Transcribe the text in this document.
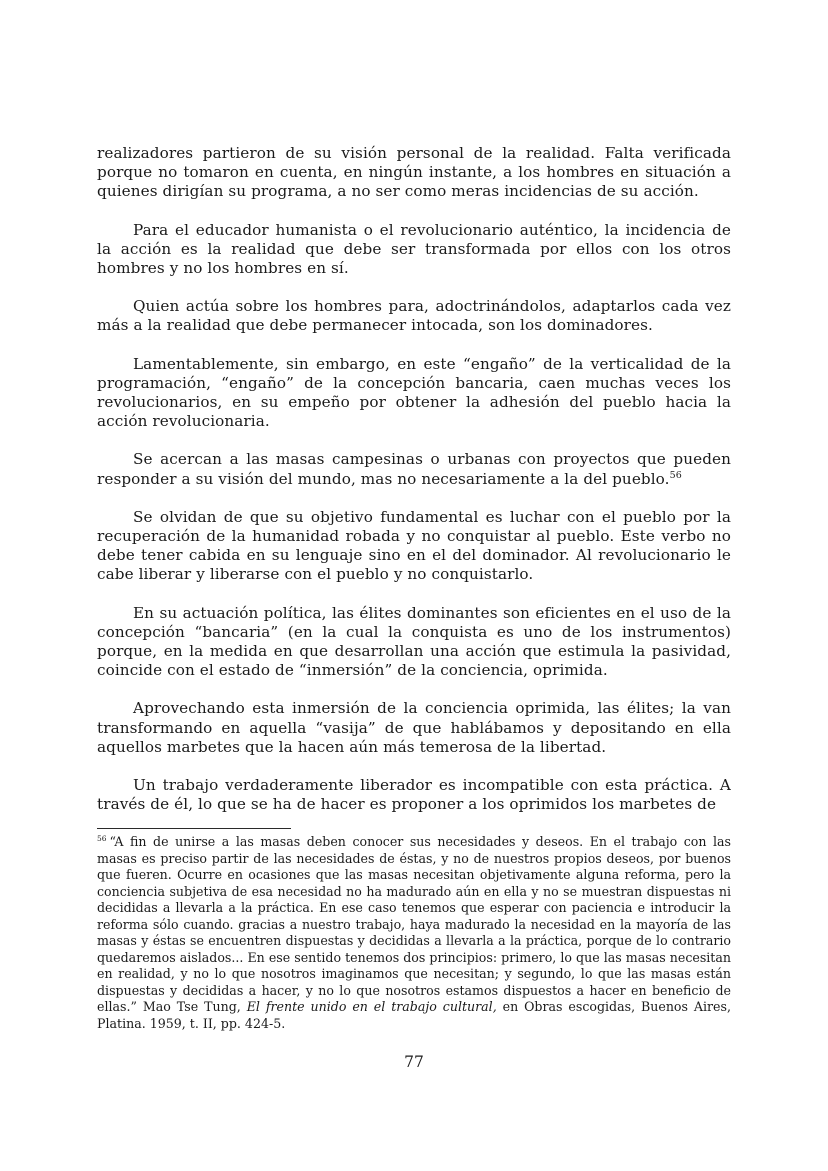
realizadores partieron de su visión personal de la realidad. Falta verificada porque no tomaron en cuenta, en ningún instante, a los hombres en situación a quienes dirigían su programa, a no ser como meras incidencias de su acción.

Para el educador humanista o el revolucionario auténtico, la incidencia de la acción es la realidad que debe ser transformada por ellos con los otros hombres y no los hombres en sí.

Quien actúa sobre los hombres para, adoctrinándolos, adaptarlos cada vez más a la realidad que debe permanecer intocada, son los dominadores.

Lamentablemente, sin embargo, en este “engaño” de la verticalidad de la programación, “engaño” de la concepción bancaria, caen muchas veces los revolucionarios, en su empeño por obtener la adhesión del pueblo hacia la acción revolucionaria.

Se acercan a las masas campesinas o urbanas con proyectos que pueden responder a su visión del mundo, mas no necesariamente a la del pueblo.$^{56}$

Se olvidan de que su objetivo fundamental es luchar con el pueblo por la recuperación de la humanidad robada y no conquistar al pueblo. Este verbo no debe tener cabida en su lenguaje sino en el del dominador. Al revolucionario le cabe liberar y liberarse con el pueblo y no conquistarlo.

En su actuación política, las élites dominantes son eficientes en el uso de la concepción “bancaria” (en la cual la conquista es uno de los instrumentos) porque, en la medida en que desarrollan una acción que estimula la pasividad, coincide con el estado de “inmersión” de la conciencia, oprimida.

Aprovechando esta inmersión de la conciencia oprimida, las élites; la van transformando en aquella “vasija” de que hablábamos y depositando en ella aquellos marbetes que la hacen aún más temerosa de la libertad.

Un trabajo verdaderamente liberador es incompatible con esta práctica. A través de él, lo que se ha de hacer es proponer a los oprimidos los marbetes de

$^{56}$ “A fin de unirse a las masas deben conocer sus necesidades y deseos. En el trabajo con las masas es preciso partir de las necesidades de éstas, y no de nuestros propios deseos, por buenos que fueren. Ocurre en ocasiones que las masas necesitan objetivamente alguna reforma, pero la conciencia subjetiva de esa necesidad no ha madurado aún en ella y no se muestran dispuestas ni decididas a llevarla a la práctica. En ese caso tenemos que esperar con paciencia e introducir la reforma sólo cuando. gracias a nuestro trabajo, haya madurado la necesidad en la mayoría de las masas y éstas se encuentren dispuestas y decididas a llevarla a la práctica, porque de lo contrario quedaremos aislados... En ese sentido tenemos dos principios: primero, lo que las masas necesitan en realidad, y no lo que nosotros imaginamos que necesitan; y segundo, lo que las masas están dispuestas y decididas a hacer, y no lo que nosotros estamos dispuestos a hacer en beneficio de ellas.” Mao Tse Tung, El frente unido en el trabajo cultural, en Obras escogidas, Buenos Aires, Platina. 1959, t. II, pp. 424-5.

77
